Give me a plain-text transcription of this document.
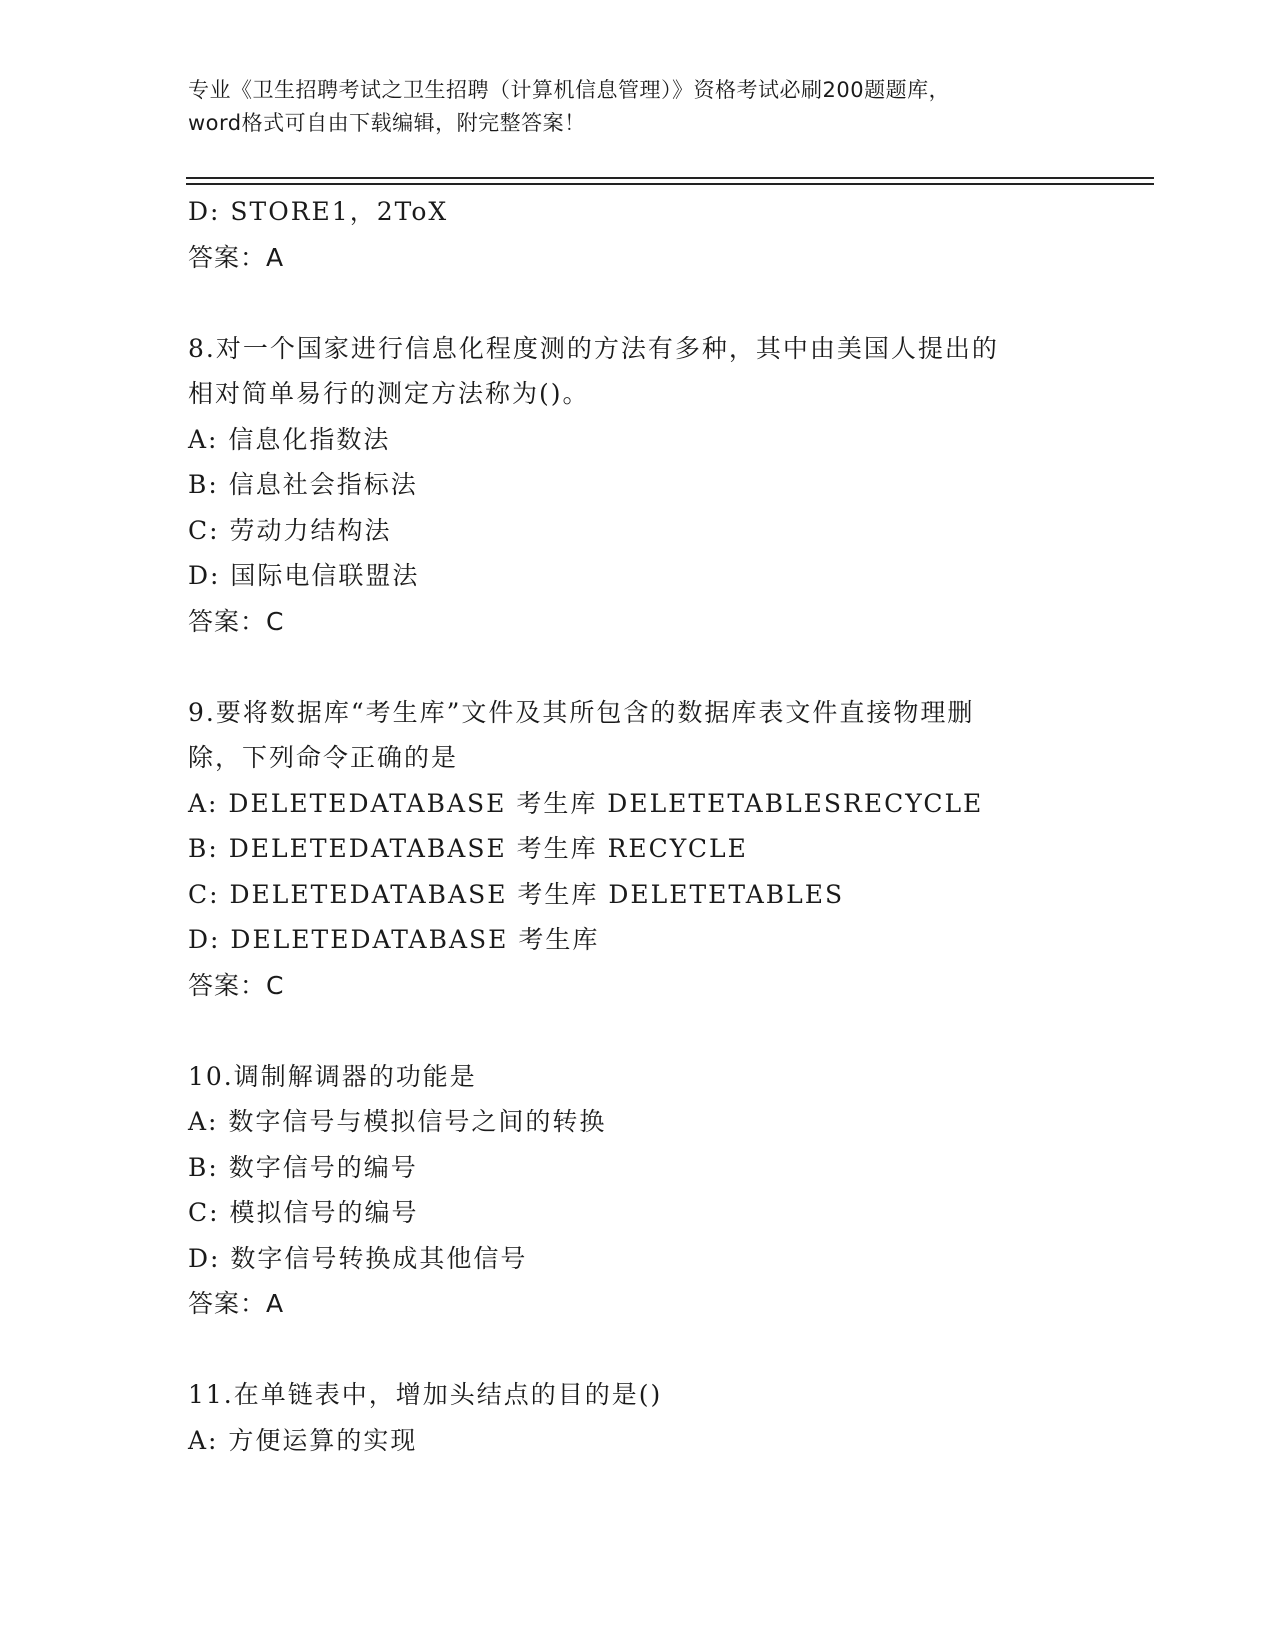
专业《卫生招聘考试之卫生招聘（计算机信息管理）》资格考试必刷200题题库，
word格式可自由下载编辑，附完整答案！
D: STORE1，2ToX
答案：A
8.对一个国家进行信息化程度测的方法有多种，其中由美国人提出的
相对简单易行的测定方法称为()。
A: 信息化指数法
B: 信息社会指标法
C: 劳动力结构法
D: 国际电信联盟法
答案：C
9.要将数据库“考生库”文件及其所包含的数据库表文件直接物理删
除，下列命令正确的是
A: DELETEDATABASE 考生库 DELETETABLESRECYCLE
B: DELETEDATABASE 考生库 RECYCLE
C: DELETEDATABASE 考生库 DELETETABLES
D: DELETEDATABASE 考生库
答案：C
10.调制解调器的功能是
A: 数字信号与模拟信号之间的转换
B: 数字信号的编号
C: 模拟信号的编号
D: 数字信号转换成其他信号
答案：A
11.在单链表中，增加头结点的目的是()
A: 方便运算的实现
